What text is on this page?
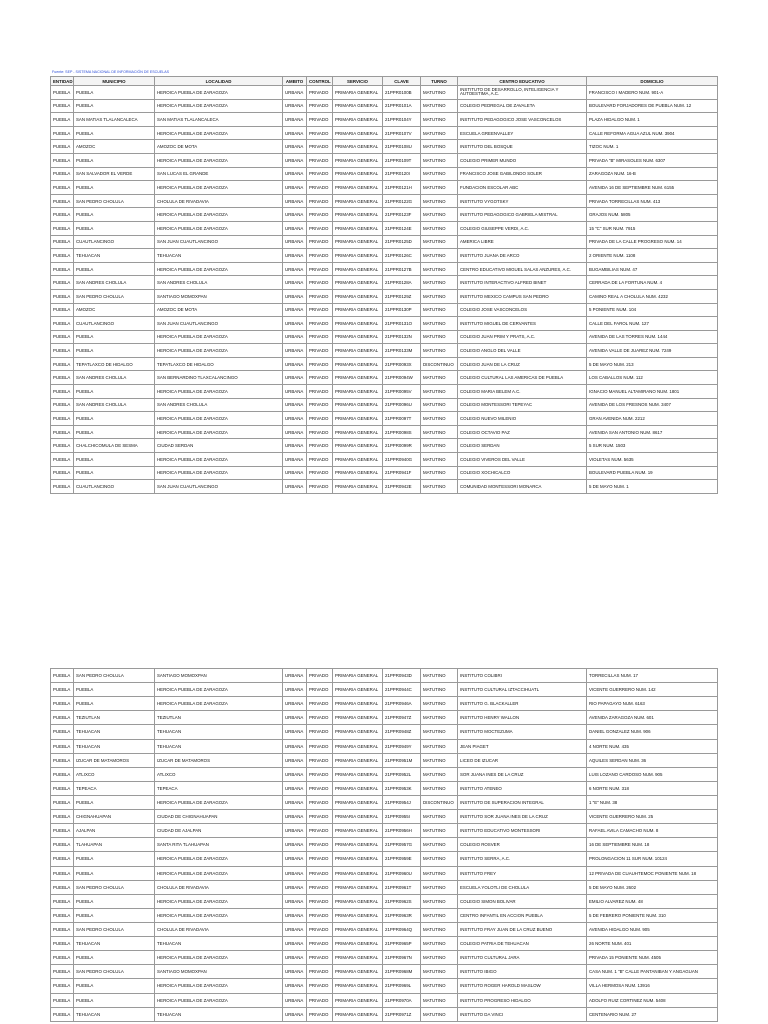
Fuente: SEP - SISTEMA NACIONAL DE INFORMACIÓN DE ESCUELAS
ENTIDAD	MUNICIPIO	LOCALIDAD	AMBITO	CONTROL	SERVICIO	CLAVE	TURNO	CENTRO EDUCATIVO	DOMICILIO
PUEBLA	PUEBLA	HEROICA PUEBLA DE ZARAGOZA	URBANA	PRIVADO	PRIMARIA GENERAL	21PPR0100B	MATUTINO	INSTITUTO DE DESARROLLO, INTELIGENCIA Y AUTOESTIMA, A.C.	FRANCISCO I MADERO NUM. 901-A
PUEBLA	PUEBLA	HEROICA PUEBLA DE ZARAGOZA	URBANA	PRIVADO	PRIMARIA GENERAL	21PPR0101A	MATUTINO	COLEGIO PEDREGAL DE ZAVALETA	BOULEVARD FORJADORES DE PUEBLA NUM. 12
PUEBLA	SAN MATIAS TLALANCALECA	SAN MATIAS TLALANCALECA	URBANA	PRIVADO	PRIMARIA GENERAL	21PPR0104Y	MATUTINO	INSTITUTO PEDAGOGICO JOSE VASCONCELOS	PLAZA HIDALGO NUM. 1
PUEBLA	PUEBLA	HEROICA PUEBLA DE ZARAGOZA	URBANA	PRIVADO	PRIMARIA GENERAL	21PPR0107V	MATUTINO	ESCUELA GREENVALLEY	CALLE REFORMA AGUA AZUL NUM. 3904
PUEBLA	AMOZOC	AMOZOC DE MOTA	URBANA	PRIVADO	PRIMARIA GENERAL	21PPR0108U	MATUTINO	INSTITUTO DEL BOSQUE	TIZOC NUM. 1
PUEBLA	PUEBLA	HEROICA PUEBLA DE ZARAGOZA	URBANA	PRIVADO	PRIMARIA GENERAL	21PPR0109T	MATUTINO	COLEGIO PRIMER MUNDO	PRIVADA "B" MIRASOLES NUM. 6307
PUEBLA	SAN SALVADOR EL VERDE	SAN LUCAS EL GRANDE	URBANA	PRIVADO	PRIMARIA GENERAL	21PPR0120I	MATUTINO	FRANCISCO JOSE GABILONDO SOLER	ZARAGOZA NUM. 16-B
PUEBLA	PUEBLA	HEROICA PUEBLA DE ZARAGOZA	URBANA	PRIVADO	PRIMARIA GENERAL	21PPR0121H	MATUTINO	FUNDACION ESCOLAR ABC	AVENIDA 16 DE SEPTIEMBRE NUM. 6155
PUEBLA	SAN PEDRO CHOLULA	CHOLULA DE RIVADAVIA	URBANA	PRIVADO	PRIMARIA GENERAL	21PPR0122G	MATUTINO	INSTITUTO VYGOTSKY	PRIVADA TORRECILLAS NUM. 413
PUEBLA	PUEBLA	HEROICA PUEBLA DE ZARAGOZA	URBANA	PRIVADO	PRIMARIA GENERAL	21PPR0123F	MATUTINO	INSTITUTO PEDAGOGICO GABRIELA MISTRAL	GRAJOS NUM. 5805
PUEBLA	PUEBLA	HEROICA PUEBLA DE ZARAGOZA	URBANA	PRIVADO	PRIMARIA GENERAL	21PPR0124E	MATUTINO	COLEGIO GIUSEPPE VERDI, A.C.	15 "C" SUR NUM. 7915
PUEBLA	CUAUTLANCINGO	SAN JUAN CUAUTLANCINGO	URBANA	PRIVADO	PRIMARIA GENERAL	21PPR0125D	MATUTINO	AMERICA LIBRE	PRIVADA DE LA CALLE PROGRESO NUM. 14
PUEBLA	TEHUACAN	TEHUACAN	URBANA	PRIVADO	PRIMARIA GENERAL	21PPR0126C	MATUTINO	INSTITUTO JUANA DE ARCO	2 ORIENTE NUM. 1108
PUEBLA	PUEBLA	HEROICA PUEBLA DE ZARAGOZA	URBANA	PRIVADO	PRIMARIA GENERAL	21PPR0127B	MATUTINO	CENTRO EDUCATIVO MIGUEL SALAS ANZURES, A.C.	BUGAMBILIAS NUM. 47
PUEBLA	SAN ANDRES CHOLULA	SAN ANDRES CHOLULA	URBANA	PRIVADO	PRIMARIA GENERAL	21PPR0128A	MATUTINO	INSTITUTO INTERACTIVO ALFRED BINET	CERRADA DE LA FORTUNA NUM. 4
PUEBLA	SAN PEDRO CHOLULA	SANTIAGO MOMOXPAN	URBANA	PRIVADO	PRIMARIA GENERAL	21PPR0129Z	MATUTINO	INSTITUTO MEXICO CAMPUS SAN PEDRO	CAMINO REAL A CHOLULA NUM. 4232
PUEBLA	AMOZOC	AMOZOC DE MOTA	URBANA	PRIVADO	PRIMARIA GENERAL	21PPR0130P	MATUTINO	COLEGIO JOSE VASCONCELOS	5 PONIENTE NUM. 104
PUEBLA	CUAUTLANCINGO	SAN JUAN CUAUTLANCINGO	URBANA	PRIVADO	PRIMARIA GENERAL	21PPR0131O	MATUTINO	INSTITUTO MIGUEL DE CERVANTES	CALLE DEL FAROL NUM. 127
PUEBLA	PUEBLA	HEROICA PUEBLA DE ZARAGOZA	URBANA	PRIVADO	PRIMARIA GENERAL	21PPR0132N	MATUTINO	COLEGIO JUAN PRIM Y PRATS, A.C.	AVENIDA DE LAS TORRES NUM. 1444
PUEBLA	PUEBLA	HEROICA PUEBLA DE ZARAGOZA	URBANA	PRIVADO	PRIMARIA GENERAL	21PPR0133M	MATUTINO	COLEGIO ANGLO DEL VALLE	AVENIDA VALLE DE JUAREZ NUM. 7249
PUEBLA	TEPATLAXCO DE HIDALGO	TEPATLAXCO DE HIDALGO	URBANA	PRIVADO	PRIMARIA GENERAL	21PPR0093X	DISCONTINUO	COLEGIO JUAN DE LA CRUZ	5 DE MAYO NUM. 213
PUEBLA	SAN ANDRES CHOLULA	SAN BERNARDINO TLAXCALANCINGO	URBANA	PRIVADO	PRIMARIA GENERAL	21PPR0094W	MATUTINO	COLEGIO CULTURAL LAS AMERICAS DE PUEBLA	LOS CABALLOS NUM. 112
PUEBLA	PUEBLA	HEROICA PUEBLA DE ZARAGOZA	URBANA	PRIVADO	PRIMARIA GENERAL	21PPR0095V	MATUTINO	COLEGIO MARIA BELEM A.C.	IGNACIO MANUEL ALTAMIRANO NUM. 1801
PUEBLA	SAN ANDRES CHOLULA	SAN ANDRES CHOLULA	URBANA	PRIVADO	PRIMARIA GENERAL	21PPR0096U	MATUTINO	COLEGIO MONTESSORI TEPEYAC	AVENIDA DE LOS FRESNOS NUM. 3407
PUEBLA	PUEBLA	HEROICA PUEBLA DE ZARAGOZA	URBANA	PRIVADO	PRIMARIA GENERAL	21PPR0097T	MATUTINO	COLEGIO NUEVO MILENIO	GRAN AVENIDA NUM. 2212
PUEBLA	PUEBLA	HEROICA PUEBLA DE ZARAGOZA	URBANA	PRIVADO	PRIMARIA GENERAL	21PPR0098S	MATUTINO	COLEGIO OCTAVIO PAZ	AVENIDA SAN ANTONIO NUM. 8617
PUEBLA	CHALCHICOMULA DE SESMA	CIUDAD SERDAN	URBANA	PRIVADO	PRIMARIA GENERAL	21PPR0099R	MATUTINO	COLEGIO SERDAN	5 SUR NUM. 1503
PUEBLA	PUEBLA	HEROICA PUEBLA DE ZARAGOZA	URBANA	PRIVADO	PRIMARIA GENERAL	21PPR0940G	MATUTINO	COLEGIO VIVEROS DEL VALLE	VIOLETAS NUM. 5635
PUEBLA	PUEBLA	HEROICA PUEBLA DE ZARAGOZA	URBANA	PRIVADO	PRIMARIA GENERAL	21PPR0941F	MATUTINO	COLEGIO XOCHICALCO	BOULEVARD PUEBLA NUM. 19
PUEBLA	CUAUTLANCINGO	SAN JUAN CUAUTLANCINGO	URBANA	PRIVADO	PRIMARIA GENERAL	21PPR0942E	MATUTINO	COMUNIDAD MONTESSORI MONARCA	5 DE MAYO NUM. 1
PUEBLA	SAN PEDRO CHOLULA	SANTIAGO MOMOXPAN	URBANA	PRIVADO	PRIMARIA GENERAL	21PPR0943D	MATUTINO	INSTITUTO COLIBRI	TORRECILLAS NUM. 17
PUEBLA	PUEBLA	HEROICA PUEBLA DE ZARAGOZA	URBANA	PRIVADO	PRIMARIA GENERAL	21PPR0944C	MATUTINO	INSTITUTO CULTURAL IZTACCIHUATL	VICENTE GUERRERO NUM. 142
PUEBLA	PUEBLA	HEROICA PUEBLA DE ZARAGOZA	URBANA	PRIVADO	PRIMARIA GENERAL	21PPR0946A	MATUTINO	INSTITUTO G. BLACKALLER	RIO PAPAGAYO NUM. 6163
PUEBLA	TEZIUTLAN	TEZIUTLAN	URBANA	PRIVADO	PRIMARIA GENERAL	21PPR0947Z	MATUTINO	INSTITUTO HENRY WALLON	AVENIDA ZARAGOZA NUM. 601
PUEBLA	TEHUACAN	TEHUACAN	URBANA	PRIVADO	PRIMARIA GENERAL	21PPR0948Z	MATUTINO	INSTITUTO MOCTEZUMA	DANIEL GONZALEZ NUM. 906
PUEBLA	TEHUACAN	TEHUACAN	URBANA	PRIVADO	PRIMARIA GENERAL	21PPR0949Y	MATUTINO	JEAN PIAGET	4 NORTE NUM. 435
PUEBLA	IZUCAR DE MATAMOROS	IZUCAR DE MATAMOROS	URBANA	PRIVADO	PRIMARIA GENERAL	21PPR0951M	MATUTINO	LICEO DE IZUCAR	AQUILES SERDAN NUM. 36
PUEBLA	ATLIXCO	ATLIXCO	URBANA	PRIVADO	PRIMARIA GENERAL	21PPR0952L	MATUTINO	SOR JUANA INES DE LA CRUZ	LUIS LOZANO CARDOSO NUM. 905
PUEBLA	TEPEACA	TEPEACA	URBANA	PRIVADO	PRIMARIA GENERAL	21PPR0953K	MATUTINO	INSTITUTO ATENEO	6 NORTE NUM. 318
PUEBLA	PUEBLA	HEROICA PUEBLA DE ZARAGOZA	URBANA	PRIVADO	PRIMARIA GENERAL	21PPR0954J	DISCONTINUO	INSTITUTO DE SUPERACION INTEGRAL	1 "E" NUM. 38
PUEBLA	CHIGNAHUAPAN	CIUDAD DE CHIGNAHUAPAN	URBANA	PRIVADO	PRIMARIA GENERAL	21PPR0955I	MATUTINO	INSTITUTO SOR JUANA INES DE LA CRUZ	VICENTE GUERRERO NUM. 25
PUEBLA	AJALPAN	CIUDAD DE AJALPAN	URBANA	PRIVADO	PRIMARIA GENERAL	21PPR0956H	MATUTINO	INSTITUTO EDUCATIVO MONTESSORI	RAFAEL AVILA CAMACHO NUM. 8
PUEBLA	TLAHUAPAN	SANTA RITA TLAHUAPAN	URBANA	PRIVADO	PRIMARIA GENERAL	21PPR0957G	MATUTINO	COLEGIO ROSVER	16 DE SEPTIEMBRE NUM. 18
PUEBLA	PUEBLA	HEROICA PUEBLA DE ZARAGOZA	URBANA	PRIVADO	PRIMARIA GENERAL	21PPR0959E	MATUTINO	INSTITUTO SERRA, A.C.	PROLONGACION 11 SUR NUM. 10124
PUEBLA	PUEBLA	HEROICA PUEBLA DE ZARAGOZA	URBANA	PRIVADO	PRIMARIA GENERAL	21PPR0960U	MATUTINO	INSTITUTO FREY	12 PRIVADA DE CUAUHTEMOC PONIENTE NUM. 18
PUEBLA	SAN PEDRO CHOLULA	CHOLULA DE RIVADAVIA	URBANA	PRIVADO	PRIMARIA GENERAL	21PPR0961T	MATUTINO	ESCUELA YOLOTLI DE CHOLULA	5 DE MAYO NUM. 2602
PUEBLA	PUEBLA	HEROICA PUEBLA DE ZARAGOZA	URBANA	PRIVADO	PRIMARIA GENERAL	21PPR0962S	MATUTINO	COLEGIO SIMON BOLIVAR	EMILIO ALVAREZ NUM. 48
PUEBLA	PUEBLA	HEROICA PUEBLA DE ZARAGOZA	URBANA	PRIVADO	PRIMARIA GENERAL	21PPR0963R	MATUTINO	CENTRO INFANTIL EN ACCION PUEBLA	5 DE FEBRERO PONIENTE NUM. 310
PUEBLA	SAN PEDRO CHOLULA	CHOLULA DE RIVADAVIA	URBANA	PRIVADO	PRIMARIA GENERAL	21PPR0964Q	MATUTINO	INSTITUTO FRAY JUAN DE LA CRUZ BUENO	AVENIDA HIDALGO NUM. 905
PUEBLA	TEHUACAN	TEHUACAN	URBANA	PRIVADO	PRIMARIA GENERAL	21PPR0965P	MATUTINO	COLEGIO PATRIA DE TEHUACAN	26 NORTE NUM. 401
PUEBLA	PUEBLA	HEROICA PUEBLA DE ZARAGOZA	URBANA	PRIVADO	PRIMARIA GENERAL	21PPR0967N	MATUTINO	INSTITUTO CULTURAL JARA	PRIVADA 15 PONIENTE NUM. 4505
PUEBLA	SAN PEDRO CHOLULA	SANTIAGO MOMOXPAN	URBANA	PRIVADO	PRIMARIA GENERAL	21PPR0968M	MATUTINO	INSTITUTO IBIGO	CASA NUM. 1 "B" CALLE PANTANIBAN Y ANGAGUAN
PUEBLA	PUEBLA	HEROICA PUEBLA DE ZARAGOZA	URBANA	PRIVADO	PRIMARIA GENERAL	21PPR0969L	MATUTINO	INSTITUTO ROGER HAROLD MASLOW	VILLA HERMOSA NUM. 13916
PUEBLA	PUEBLA	HEROICA PUEBLA DE ZARAGOZA	URBANA	PRIVADO	PRIMARIA GENERAL	21PPR0970A	MATUTINO	INSTITUTO PROGRESO HIDALGO	ADOLFO RUIZ CORTINEZ NUM. 5408
PUEBLA	TEHUACAN	TEHUACAN	URBANA	PRIVADO	PRIMARIA GENERAL	21PPR0971Z	MATUTINO	INSTITUTO DA VINCI	CENTENARIO NUM. 27
